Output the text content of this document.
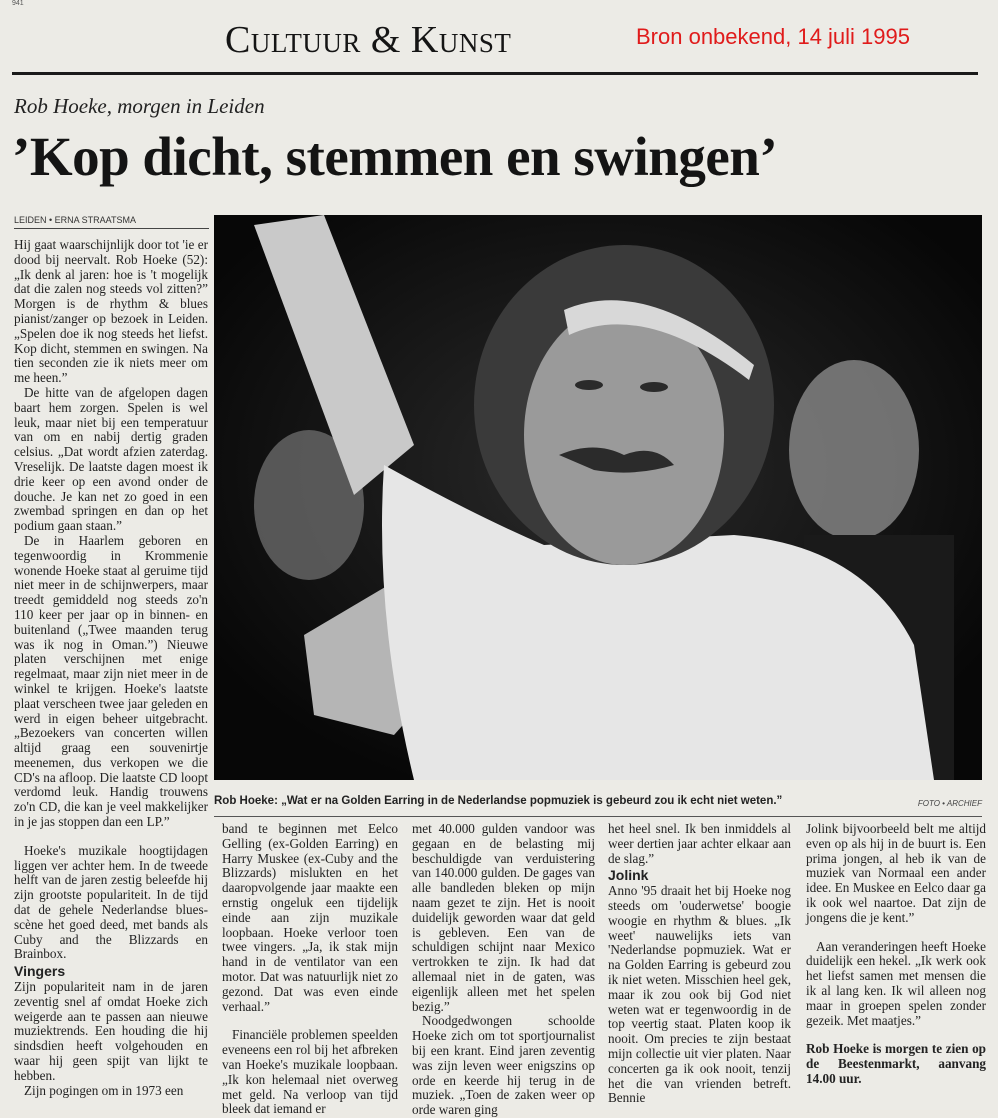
941
Cultuur & Kunst	Bron onbekend, 14 juli 1995
Rob Hoeke, morgen in Leiden
’Kop dicht, stemmen en swingen’
LEIDEN • ERNA STRAATSMA

Hij gaat waarschijnlijk door tot 'ie er dood bij neervalt. Rob Hoeke (52): „Ik denk al jaren: hoe is 't mogelijk dat die zalen nog steeds vol zitten?” Morgen is de rhythm & blues pianist/zanger op bezoek in Leiden. „Spelen doe ik nog steeds het liefst. Kop dicht, stemmen en swingen. Na tien seconden zie ik niets meer om me heen.”

De hitte van de afgelopen dagen baart hem zorgen. Spelen is wel leuk, maar niet bij een temperatuur van om en nabij dertig graden celsius. „Dat wordt afzien zaterdag. Vreselijk. De laatste dagen moest ik drie keer op een avond onder de douche. Je kan net zo goed in een zwembad springen en dan op het podium gaan staan.”

De in Haarlem geboren en tegenwoordig in Krommenie wonende Hoeke staat al geruime tijd niet meer in de schijnwerpers, maar treedt gemiddeld nog steeds zo'n 110 keer per jaar op in binnen- en buitenland („Twee maanden terug was ik nog in Oman.”) Nieuwe platen verschijnen met enige regelmaat, maar zijn niet meer in de winkel te krijgen. Hoeke's laatste plaat verscheen twee jaar geleden en werd in eigen beheer uitgebracht. „Bezoekers van concerten willen altijd graag een souvenirtje meenemen, dus verkopen we die CD's na afloop. Die laatste CD loopt verdomd leuk. Handig trouwens zo'n CD, die kan je veel makkelijker in je jas stoppen dan een LP.”

Hoeke's muzikale hoogtijdagen liggen ver achter hem. In de tweede helft van de jaren zestig beleefde hij zijn grootste populariteit. In de tijd dat de gehele Nederlandse blues-scène het goed deed, met bands als Cuby and the Blizzards en Brainbox.

Vingers

Zijn populariteit nam in de jaren zeventig snel af omdat Hoeke zich weigerde aan te passen aan nieuwe muziektrends. Een houding die hij sindsdien heeft volgehouden en waar hij geen spijt van lijkt te hebben.

Zijn pogingen om in 1973 een

Rob Hoeke: „Wat er na Golden Earring in de Nederlandse popmuziek is gebeurd zou ik echt niet weten.”	FOTO • ARCHIEF

band te beginnen met Eelco Gelling (ex-Golden Earring) en Harry Muskee (ex-Cuby and the Blizzards) mislukten en het daaropvolgende jaar maakte een ernstig ongeluk een tijdelijk einde aan zijn muzikale loopbaan. Hoeke verloor toen twee vingers. „Ja, ik stak mijn hand in de ventilator van een motor. Dat was natuurlijk niet zo gezond. Dat was even einde verhaal.”

Financiële problemen speelden eveneens een rol bij het afbreken van Hoeke's muzikale loopbaan. „Ik kon helemaal niet overweg met geld. Na verloop van tijd bleek dat iemand er

met 40.000 gulden vandoor was gegaan en de belasting mij beschuldigde van verduistering van 140.000 gulden. De gages van alle bandleden bleken op mijn naam gezet te zijn. Het is nooit duidelijk geworden waar dat geld is gebleven. Een van de schuldigen schijnt naar Mexico vertrokken te zijn. Ik had dat allemaal niet in de gaten, was eigenlijk alleen met het spelen bezig.”

Noodgedwongen schoolde Hoeke zich om tot sportjournalist bij een krant. Eind jaren zeventig was zijn leven weer enigszins op orde en keerde hij terug in de muziek. „Toen de zaken weer op orde waren ging

het heel snel. Ik ben inmiddels al weer dertien jaar achter elkaar aan de slag.”

Jolink

Anno '95 draait het bij Hoeke nog steeds om 'ouderwetse' boogie woogie en rhythm & blues. „Ik weet' nauwelijks iets van 'Nederlandse popmuziek. Wat er na Golden Earring is gebeurd zou ik niet weten. Misschien heel gek, maar ik zou ook bij God niet weten wat er tegenwoordig in de top veertig staat. Platen koop ik nooit. Om precies te zijn bestaat mijn collectie uit vier platen. Naar concerten ga ik ook nooit, tenzij het die van vrienden betreft. Bennie

Jolink bijvoorbeeld belt me altijd even op als hij in de buurt is. Een prima jongen, al heb ik van de muziek van Normaal een ander idee. En Muskee en Eelco daar ga ik ook wel naartoe. Dat zijn de jongens die je kent.”

Aan veranderingen heeft Hoeke duidelijk een hekel. „Ik werk ook het liefst samen met mensen die ik al lang ken. Ik wil alleen nog maar in groepen spelen zonder gezeik. Met maatjes.”

Rob Hoeke is morgen te zien op de Beestenmarkt, aanvang 14.00 uur.
